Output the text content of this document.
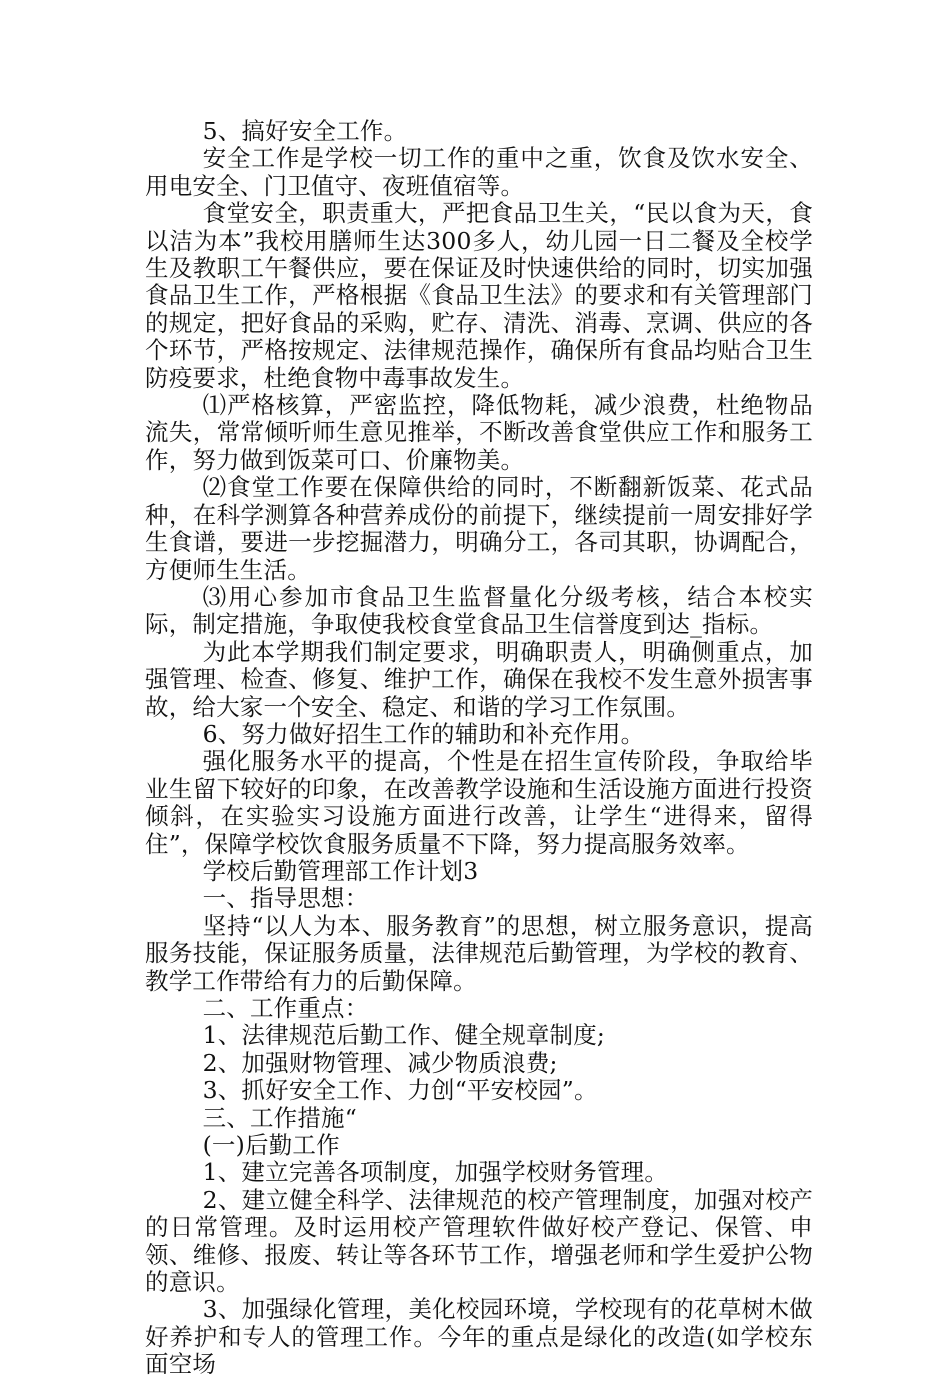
5、搞好安全工作。

安全工作是学校一切工作的重中之重，饮食及饮水安全、用电安全、门卫值守、夜班值宿等。

食堂安全，职责重大，严把食品卫生关，“民以食为天，食以洁为本”我校用膳师生达300多人，幼儿园一日二餐及全校学生及教职工午餐供应，要在保证及时快速供给的同时，切实加强食品卫生工作，严格根据《食品卫生法》的要求和有关管理部门的规定，把好食品的采购，贮存、清洗、消毒、烹调、供应的各个环节，严格按规定、法律规范操作，确保所有食品均贴合卫生防疫要求，杜绝食物中毒事故发生。

⑴严格核算，严密监控，降低物耗，减少浪费，杜绝物品流失，常常倾听师生意见推举，不断改善食堂供应工作和服务工作，努力做到饭菜可口、价廉物美。

⑵食堂工作要在保障供给的同时，不断翻新饭菜、花式品种，在科学测算各种营养成份的前提下，继续提前一周安排好学生食谱，要进一步挖掘潜力，明确分工，各司其职，协调配合，方便师生生活。

⑶用心参加市食品卫生监督量化分级考核，结合本校实际，制定措施，争取使我校食堂食品卫生信誉度到达_指标。

为此本学期我们制定要求，明确职责人，明确侧重点，加强管理、检查、修复、维护工作，确保在我校不发生意外损害事故，给大家一个安全、稳定、和谐的学习工作氛围。

6、努力做好招生工作的辅助和补充作用。

强化服务水平的提高，个性是在招生宣传阶段，争取给毕业生留下较好的印象，在改善教学设施和生活设施方面进行投资倾斜，在实验实习设施方面进行改善，让学生“进得来，留得住”，保障学校饮食服务质量不下降，努力提高服务效率。

学校后勤管理部工作计划3

一、指导思想：

坚持“以人为本、服务教育”的思想，树立服务意识，提高服务技能，保证服务质量，法律规范后勤管理，为学校的教育、教学工作带给有力的后勤保障。

二、工作重点：

1、法律规范后勤工作、健全规章制度;

2、加强财物管理、减少物质浪费;

3、抓好安全工作、力创“平安校园”。

三、工作措施“

(一)后勤工作

1、建立完善各项制度，加强学校财务管理。

2、建立健全科学、法律规范的校产管理制度，加强对校产的日常管理。及时运用校产管理软件做好校产登记、保管、申领、维修、报废、转让等各环节工作，增强老师和学生爱护公物的意识。

3、加强绿化管理，美化校园环境，学校现有的花草树木做好养护和专人的管理工作。今年的重点是绿化的改造(如学校东面空场
